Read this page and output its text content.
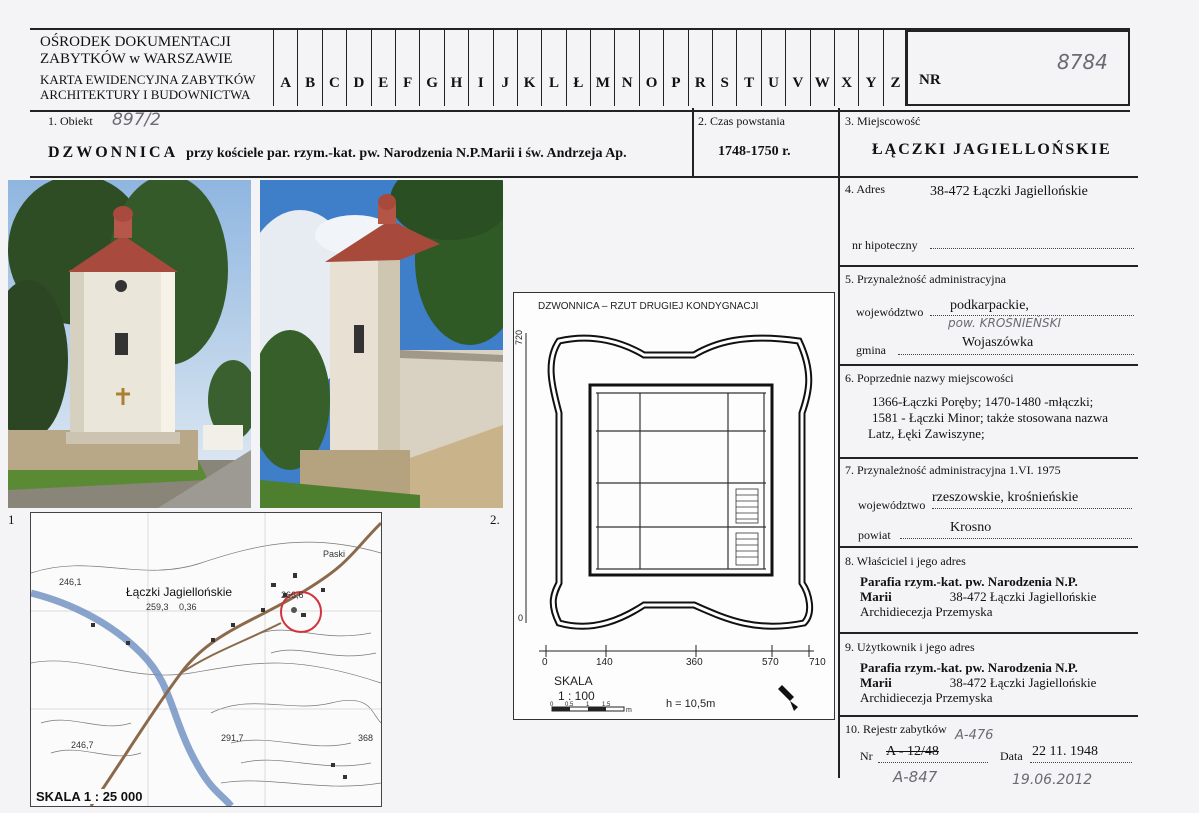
OŚRODEK DOKUMENTACJI
ZABYTKÓW w WARSZAWIE
KARTA EWIDENCYJNA ZABYTKÓW
ARCHITEKTURY I BUDOWNICTWA
A B C D E F G H	I	J K L Ł M N O P R S	T U V W X Y Z	NR
8784
1. Obiekt 897/2
DZWONNICA przy kościele par. rzym.-kat. pw. Narodzenia N.P.Marii i św. Andrzeja Ap.
2. Czas powstania
1748-1750 r.
3. Miejscowość
ŁĄCZKI JAGIELLOŃSKIE
4. Adres	38-472 Łączki Jagiellońskie
nr hipoteczny
5. Przynależność administracyjna
województwo podkarpackie,
pow. KROŚNIEŃSKI
gmina	Wojaszówka
6. Poprzednie nazwy miejscowości
1366-Łączki Poręby; 1470-1480 -młączki;
1581 - Łączki Minor; także stosowana nazwa
Latz, Łęki Zawiszyne;
7. Przynależność administracyjna 1.VI. 1975
województwo rzeszowskie, krośnieńskie
powiat	Krosno
8. Właściciel i jego adres
Parafia rzym.-kat. pw. Narodzenia N.P.
Marii	38-472 Łączki Jagiellońskie
Archidiecezja Przemyska
9. Użytkownik i jego adres
Parafia rzym.-kat. pw. Narodzenia N.P.
Marii	38-472 Łączki Jagiellońskie
Archidiecezja Przemyska
10. Rejestr zabytków A-476
Nr A - 12/48	Data 22 11. 1948
A-847	19.06.2012
1	2.
Łączki Jagiellońskie
246,1
259,3 0,36
266,6
Paski
246,7
291,7	368
SKALA 1 : 25 000
DZWONNICA – RZUT DRUGIEJ KONDYGNACJI
720
0
0	140	360	570	710
SKALA
1 : 100
0 0.5 1 1.5
m
h = 10,5m
